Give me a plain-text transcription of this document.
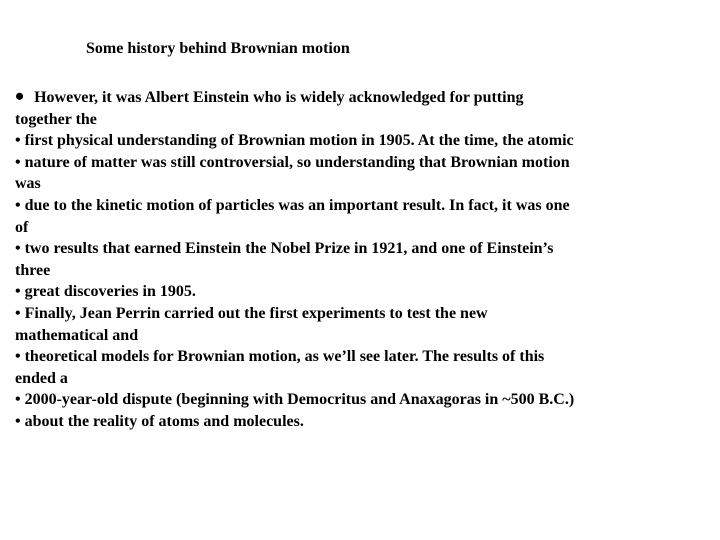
Some history behind Brownian motion
• However, it was Albert Einstein who is widely acknowledged for putting
together the
• first physical understanding of Brownian motion in 1905. At the time, the atomic
• nature of matter was still controversial, so understanding that Brownian motion
was
• due to the kinetic motion of particles was an important result. In fact, it was one
of
• two results that earned Einstein the Nobel Prize in 1921, and one of Einstein’s
three
• great discoveries in 1905.
• Finally, Jean Perrin carried out the first experiments to test the new
mathematical and
• theoretical models for Brownian motion, as we’ll see later. The results of this
ended a
• 2000-year-old dispute (beginning with Democritus and Anaxagoras in ~500 B.C.)
• about the reality of atoms and molecules.
